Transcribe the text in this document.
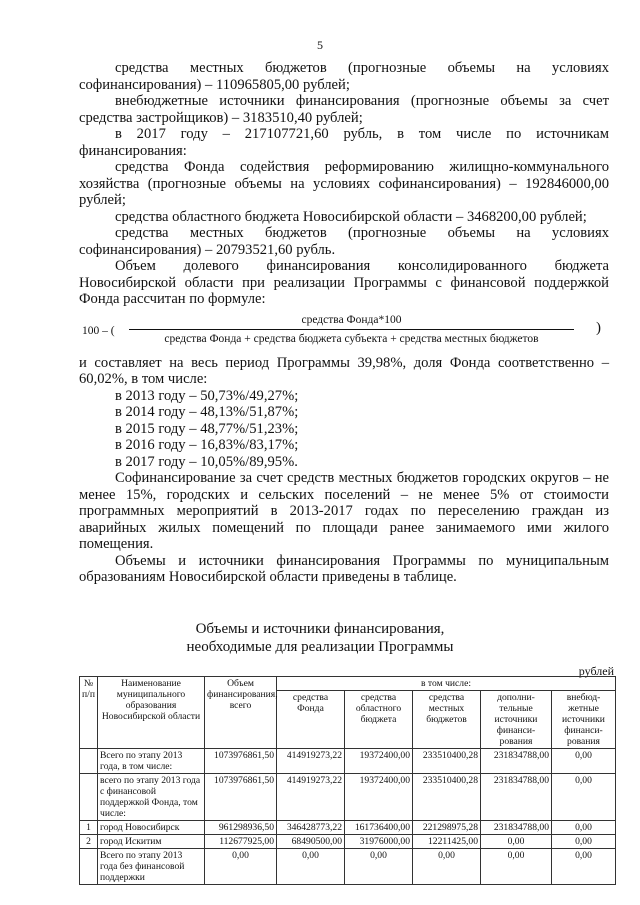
5

средства местных бюджетов (прогнозные объемы на условиях софинансирования) – 110965805,00 рублей;

внебюджетные источники финансирования (прогнозные объемы за счет средства застройщиков) – 3183510,40 рублей;

в 2017 году – 217107721,60 рубль, в том числе по источникам финансирования:

средства Фонда содействия реформированию жилищно-коммунального хозяйства (прогнозные объемы на условиях софинансирования) – 192846000,00 рублей;

средства областного бюджета Новосибирской области – 3468200,00 рублей;

средства местных бюджетов (прогнозные объемы на условиях софинансирования) – 20793521,60 рубль.

Объем долевого финансирования консолидированного бюджета Новосибирской области при реализации Программы с финансовой поддержкой Фонда рассчитан по формуле:

100 – (
средства Фонда*100
средства Фонда + средства бюджета субъекта + средства местных бюджетов
)

и составляет на весь период Программы 39,98%, доля Фонда соответственно – 60,02%, в том числе:

в 2013 году – 50,73%/49,27%;

в 2014 году – 48,13%/51,87%;

в 2015 году – 48,77%/51,23%;

в 2016 году – 16,83%/83,17%;

в 2017 году – 10,05%/89,95%.

Софинансирование за счет средств местных бюджетов городских округов – не менее 15%, городских и сельских поселений – не менее 5% от стоимости программных мероприятий в 2013-2017 годах по переселению граждан из аварийных жилых помещений по площади ранее занимаемого ими жилого помещения.

Объемы и источники финансирования Программы по муниципальным образованиям Новосибирской области приведены в таблице.

Объемы и источники финансирования,
необходимые для реализации Программы
рублей
№ п/п	Наименование муниципального образования Новосибирской области	Объем финансирования, всего	в том числе:				
			средства Фонда	средства областного бюджета	средства местных бюджетов	дополни-тельные источники финанси-рования	внебюд-жетные источники финанси-рования
	Всего по этапу 2013 года, в том числе:	1073976861,50	414919273,22	19372400,00	233510400,28	231834788,00	0,00
	всего по этапу 2013 года с финансовой поддержкой Фонда, том числе:	1073976861,50	414919273,22	19372400,00	233510400,28	231834788,00	0,00
1	город Новосибирск	961298936,50	346428773,22	161736400,00	221298975,28	231834788,00	0,00
2	город Искитим	112677925,00	68490500,00	31976000,00	12211425,00	0,00	0,00
	Всего по этапу 2013 года без финансовой поддержки	0,00	0,00	0,00	0,00	0,00	0,00
